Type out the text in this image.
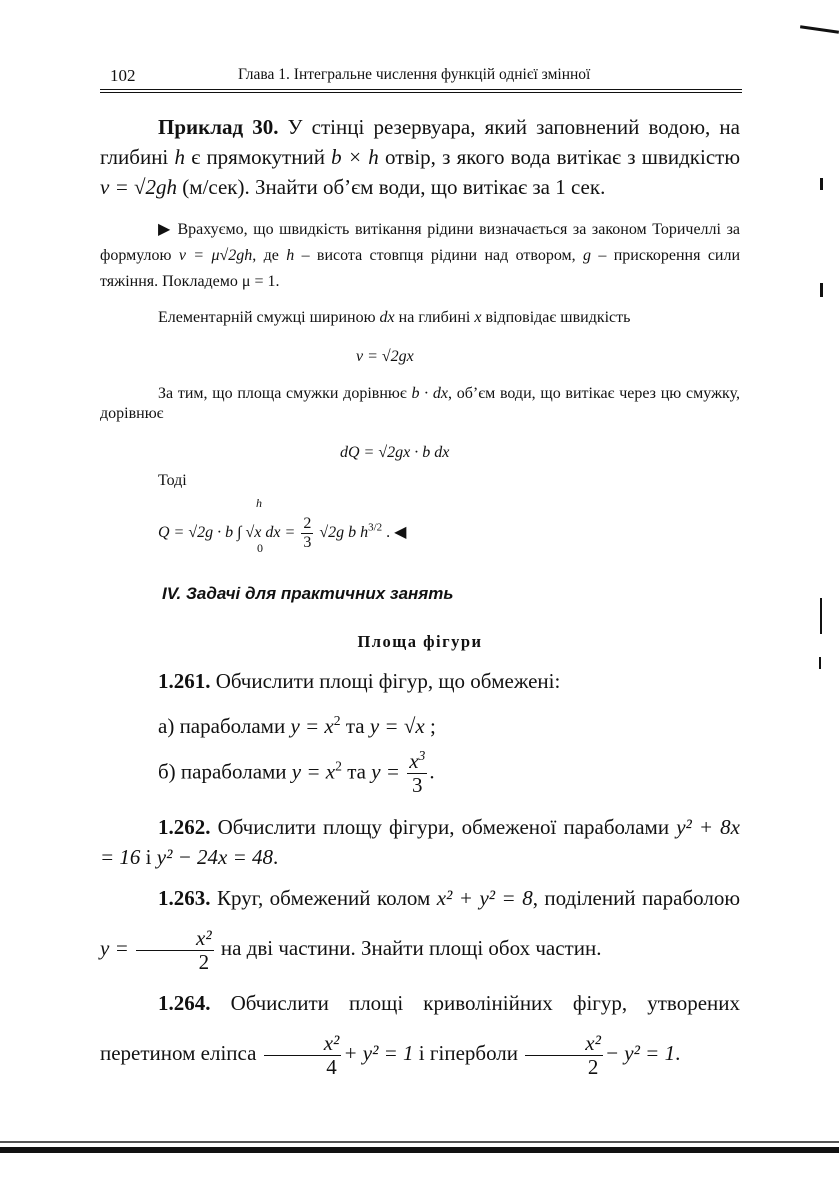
102	Глава 1. Інтегральне числення функцій однієї змінної
Приклад 30. У стінці резервуара, який заповнений водою, на глибині h є прямокутний b × h отвір, з якого вода витікає з швидкістю v = √2gh (м/сек). Знайти об’єм води, що витікає за 1 сек.
▶ Врахуємо, що швидкість витікання рідини визначається за законом Торичеллі за формулою v = μ√2gh, де h – висота стовпця рідини над отвором, g – прискорення сили тяжіння. Покладемо μ = 1.
Елементарній смужці шириною dx на глибині x відповідає швидкість
v = √2gx
За тим, що площа смужки дорівнює b · dx, об’єм води, що витікає через цю смужку, дорівнює
dQ = √2gx · b dx
Тоді
Q = √2g · b ∫ √x dx = $\frac{2}{3} √2g$ b $h^{3/2}$ . ◀
h
0
IV. Задачі для практичних занять
Площа фігури
1.261. Обчислити площі фігур, що обмежені:
а) параболами $y = x^2$ та y = √x ;
б) параболами $y = x^2$ та $y = \frac{x^3}{3}$ .
1.262. Обчислити площу фігури, обмеженої параболами y² + 8x = 16 і y² − 24x = 48.
1.263. Круг, обмежений колом x² + y² = 8, поділений параболою $y = \frac{\text{x²}}{2}$ на дві частини. Знайти площі обох частин.
1.264. Обчислити площі криволінійних фігур, утворених перетином еліпса $\frac{\text{x²}}{4} + y^2 = 1$ і гіперболи $\frac{\text{x²}}{2} - y^2 = 1$.
